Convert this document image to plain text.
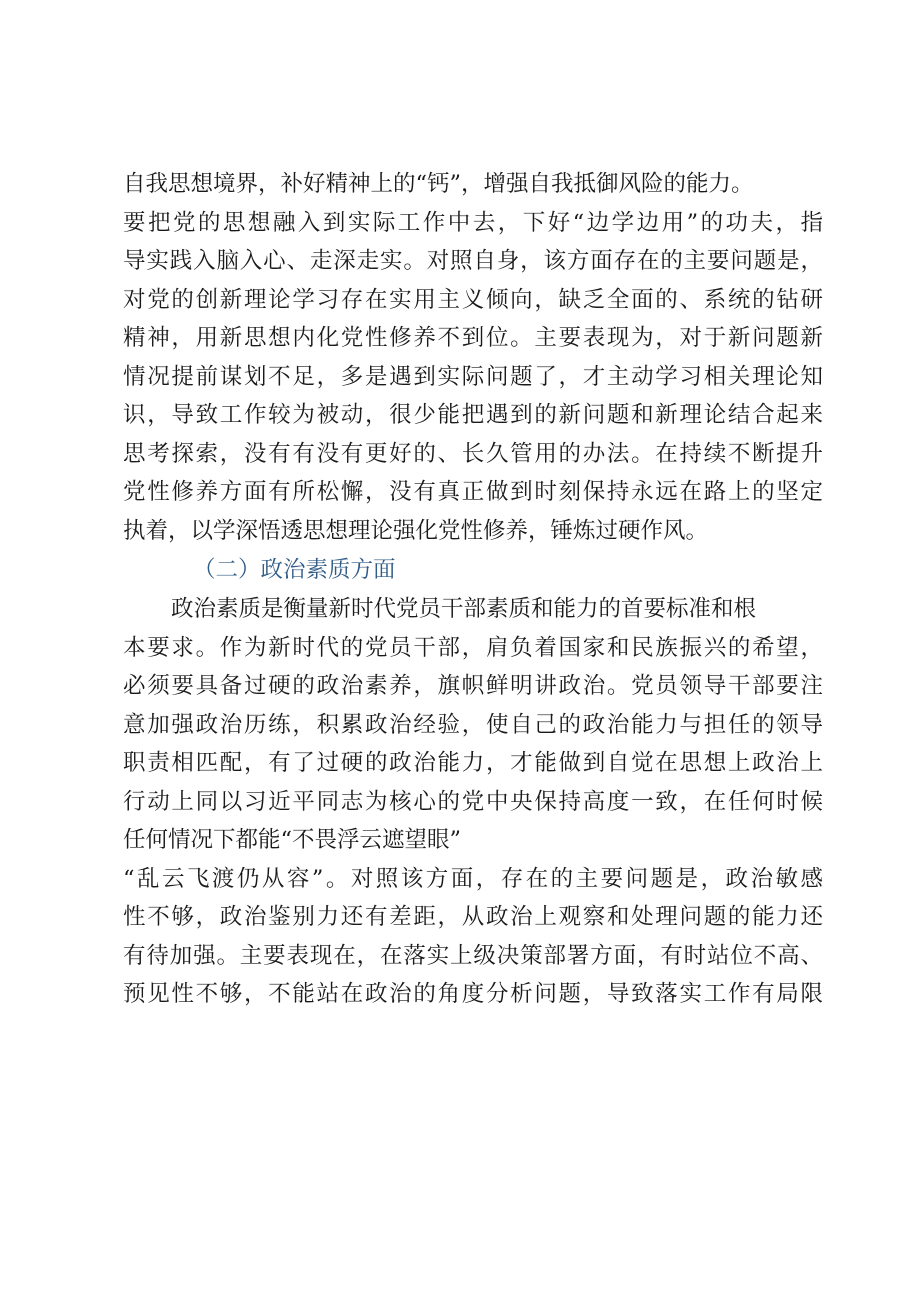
自我思想境界，补好精神上的“钙”，增强自我抵御风险的能力。
要把党的思想融入到实际工作中去，下好“边学边用”的功夫，指
导实践入脑入心、走深走实。对照自身，该方面存在的主要问题是，
对党的创新理论学习存在实用主义倾向，缺乏全面的、系统的钻研
精神，用新思想内化党性修养不到位。主要表现为，对于新问题新
情况提前谋划不足，多是遇到实际问题了，才主动学习相关理论知
识，导致工作较为被动，很少能把遇到的新问题和新理论结合起来
思考探索，没有有没有更好的、长久管用的办法。在持续不断提升
党性修养方面有所松懈，没有真正做到时刻保持永远在路上的坚定
执着，以学深悟透思想理论强化党性修养，锤炼过硬作风。
（二）政治素质方面
政治素质是衡量新时代党员干部素质和能力的首要标准和根
本要求。作为新时代的党员干部，肩负着国家和民族振兴的希望，
必须要具备过硬的政治素养，旗帜鲜明讲政治。党员领导干部要注
意加强政治历练，积累政治经验，使自己的政治能力与担任的领导
职责相匹配，有了过硬的政治能力，才能做到自觉在思想上政治上
行动上同以习近平同志为核心的党中央保持高度一致，在任何时候
任何情况下都能“不畏浮云遮望眼”
“乱云飞渡仍从容”。对照该方面，存在的主要问题是，政治敏感
性不够，政治鉴别力还有差距，从政治上观察和处理问题的能力还
有待加强。主要表现在，在落实上级决策部署方面，有时站位不高、
预见性不够，不能站在政治的角度分析问题，导致落实工作有局限
